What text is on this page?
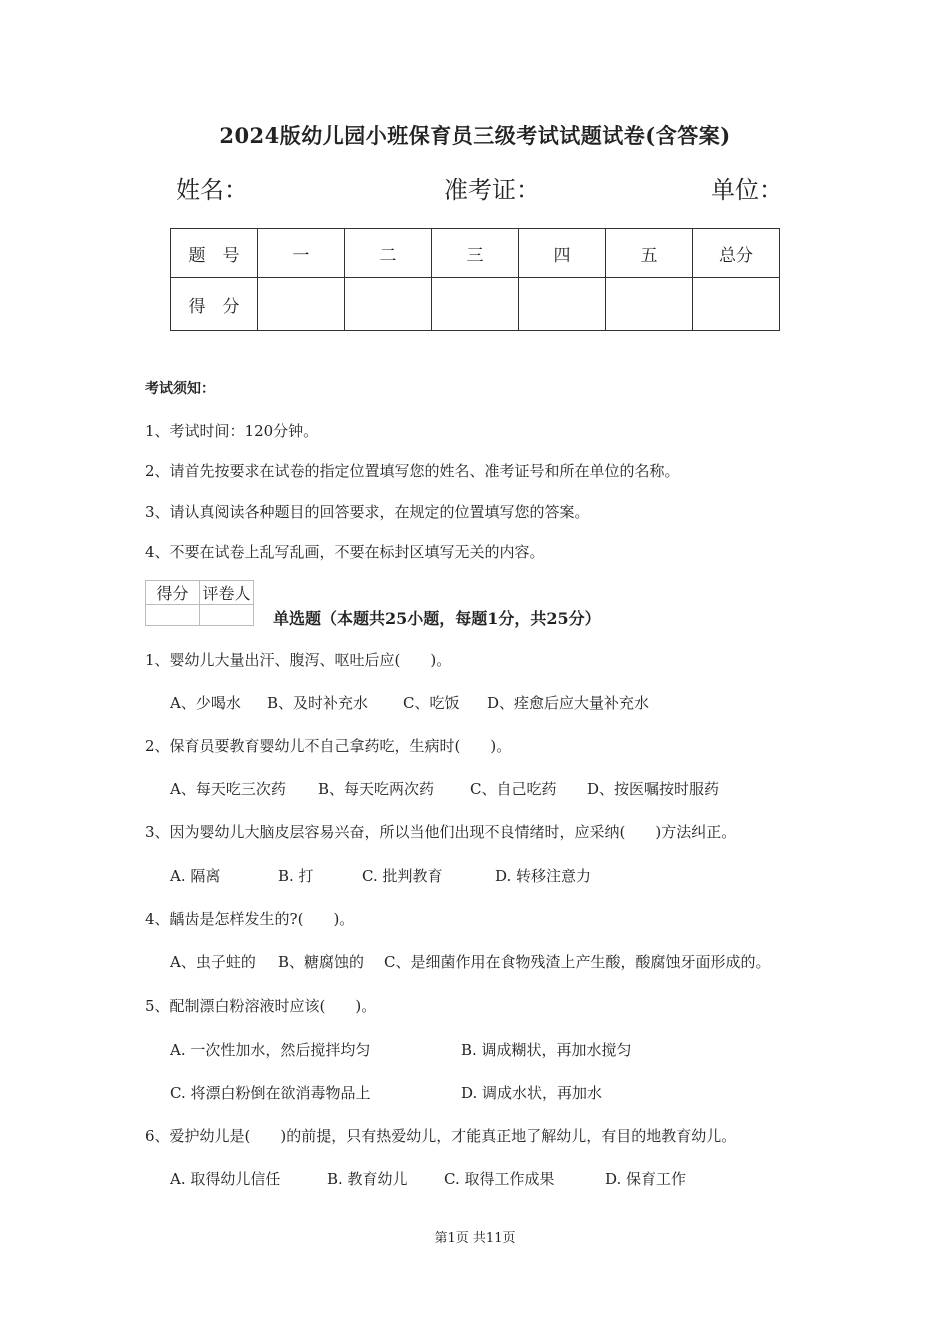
2024版幼儿园小班保育员三级考试试题试卷(含答案)
姓名：	准考证：	单位：
题　号	一	二	三	四	五	总分
得　分						
考试须知：
1、考试时间：120分钟。
2、请首先按要求在试卷的指定位置填写您的姓名、准考证号和所在单位的名称。
3、请认真阅读各种题目的回答要求，在规定的位置填写您的答案。
4、不要在试卷上乱写乱画，不要在标封区填写无关的内容。
得分	评卷人

单选题（本题共25小题，每题1分，共25分）
1、婴幼儿大量出汗、腹泻、呕吐后应(　　)。
A、少喝水 B、及时补充水 C、吃饭 D、痊愈后应大量补充水
2、保育员要教育婴幼儿不自己拿药吃，生病时(　　)。
A、每天吃三次药 B、每天吃两次药 C、自己吃药 D、按医嘱按时服药
3、因为婴幼儿大脑皮层容易兴奋，所以当他们出现不良情绪时，应采纳(　　)方法纠正。
A. 隔离	B. 打	C. 批判教育	D. 转移注意力
4、龋齿是怎样发生的?(　　)。
A、虫子蛀的 B、糖腐蚀的 C、是细菌作用在食物残渣上产生酸，酸腐蚀牙面形成的。
5、配制漂白粉溶液时应该(　　)。
A. 一次性加水，然后搅拌均匀	B. 调成糊状，再加水搅匀
C. 将漂白粉倒在欲消毒物品上	D. 调成水状，再加水
6、爱护幼儿是(　　)的前提，只有热爱幼儿，才能真正地了解幼儿，有目的地教育幼儿。
A. 取得幼儿信任	B. 教育幼儿 C. 取得工作成果	D. 保育工作
第1页 共11页
